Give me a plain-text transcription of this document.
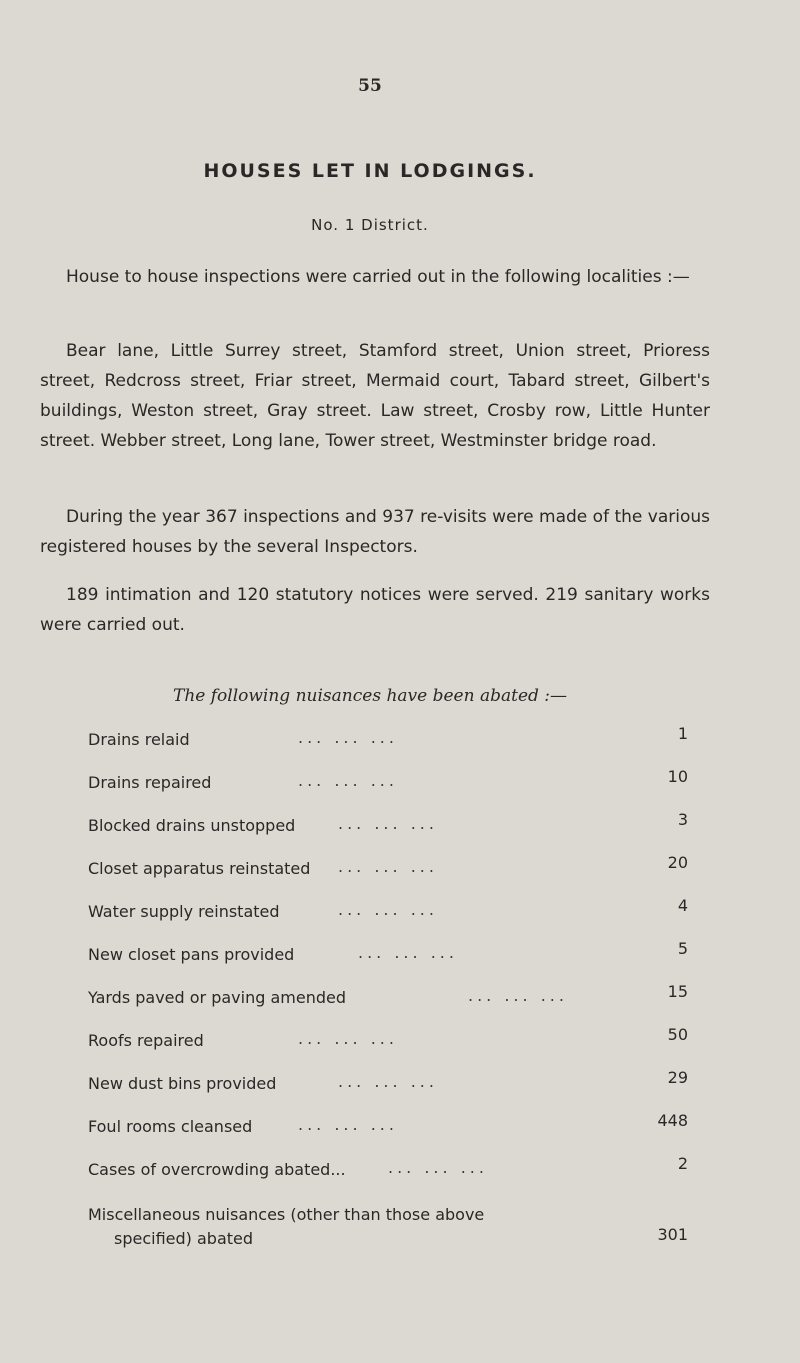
55
HOUSES LET IN LODGINGS.
No. 1 District.
House to house inspections were carried out in the following localities :—
Bear lane, Little Surrey street, Stamford street, Union street, Prioress street, Redcross street, Friar street, Mermaid court, Tabard street, Gilbert's buildings, Weston street, Gray street. Law street, Crosby row, Little Hunter street. Webber street, Long lane, Tower street, Westminster bridge road.
During the year 367 inspections and 937 re-visits were made of the various registered houses by the several Inspectors.
189 intimation and 120 statutory notices were served. 219 sanitary works were carried out.
The following nuisances have been abated :—
Drains relaid	... ... ...	1
Drains repaired	... ... ...	10
Blocked drains unstopped	... ... ...	3
Closet apparatus reinstated ... ... ...	20
Water supply reinstated	... ... ...	4
New closet pans provided	... ... ...	5
Yards paved or paving amended	... ... ...	15
Roofs repaired	... ... ...	50
New dust bins provided	... ... ...	29
Foul rooms cleansed	... ... ...	448
Cases of overcrowding abated...	... ... ...	2
Miscellaneous nuisances (other than those above
specified) abated	301
